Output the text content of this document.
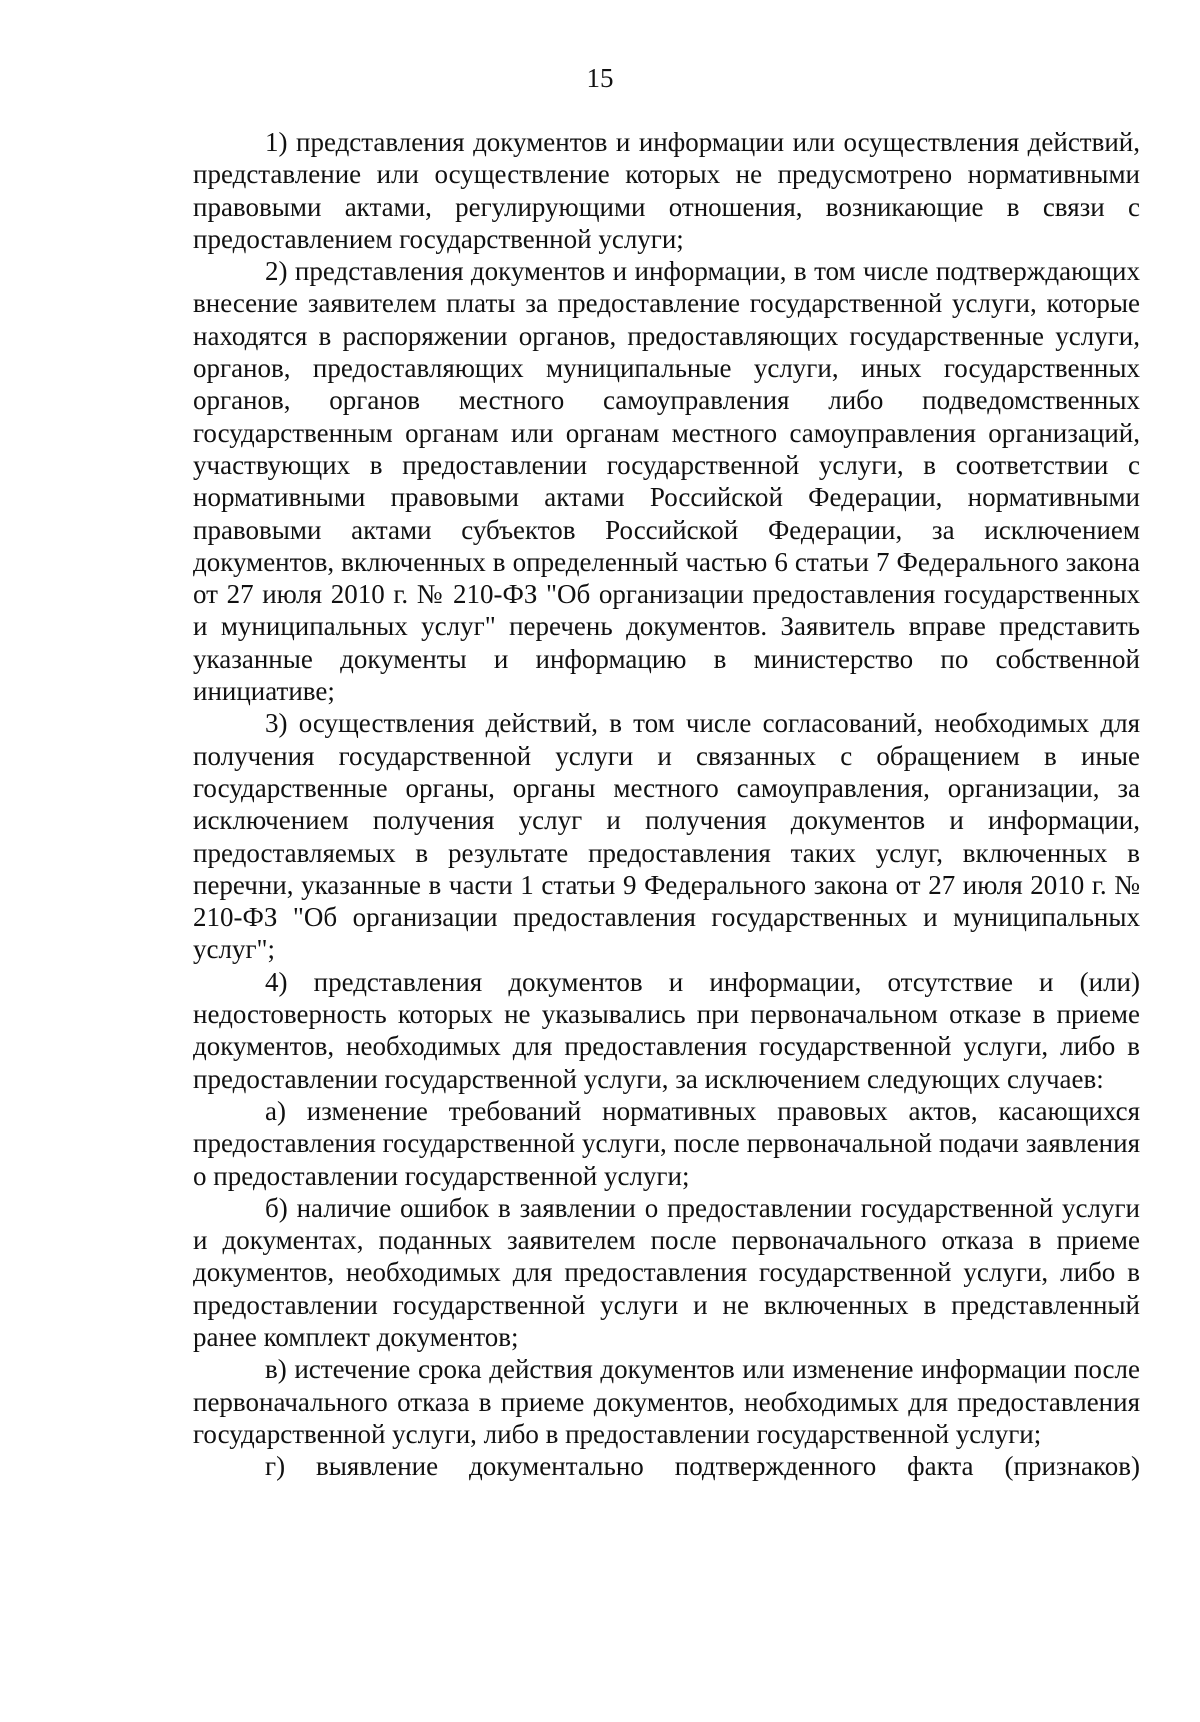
15

1) представления документов и информации или осуществления действий, представление или осуществление которых не предусмотрено нормативными правовыми актами, регулирующими отношения, возникающие в связи с предоставлением государственной услуги;

2) представления документов и информации, в том числе подтверждающих внесение заявителем платы за предоставление государственной услуги, которые находятся в распоряжении органов, предоставляющих государственные услуги, органов, предоставляющих муниципальные услуги, иных государственных органов, органов местного самоуправления либо подведомственных государственным органам или органам местного самоуправления организаций, участвующих в предоставлении государственной услуги, в соответствии с нормативными правовыми актами Российской Федерации, нормативными правовыми актами субъектов Российской Федерации, за исключением документов, включенных в определенный частью 6 статьи 7 Федерального закона от 27 июля 2010 г. № 210-ФЗ "Об организации предоставления государственных и муниципальных услуг" перечень документов. Заявитель вправе представить указанные документы и информацию в министерство по собственной инициативе;

3) осуществления действий, в том числе согласований, необходимых для получения государственной услуги и связанных с обращением в иные государственные органы, органы местного самоуправления, организации, за исключением получения услуг и получения документов и информации, предоставляемых в результате предоставления таких услуг, включенных в перечни, указанные в части 1 статьи 9 Федерального закона от 27 июля 2010 г. № 210-ФЗ "Об организации предоставления государственных и муниципальных услуг";

4) представления документов и информации, отсутствие и (или) недостоверность которых не указывались при первоначальном отказе в приеме документов, необходимых для предоставления государственной услуги, либо в предоставлении государственной услуги, за исключением следующих случаев:

а) изменение требований нормативных правовых актов, касающихся предоставления государственной услуги, после первоначальной подачи заявления о предоставлении государственной услуги;

б) наличие ошибок в заявлении о предоставлении государственной услуги и документах, поданных заявителем после первоначального отказа в приеме документов, необходимых для предоставления государственной услуги, либо в предоставлении государственной услуги и не включенных в представленный ранее комплект документов;

в) истечение срока действия документов или изменение информации после первоначального отказа в приеме документов, необходимых для предоставления государственной услуги, либо в предоставлении государственной услуги;

г) выявление документально подтвержденного факта (признаков)
